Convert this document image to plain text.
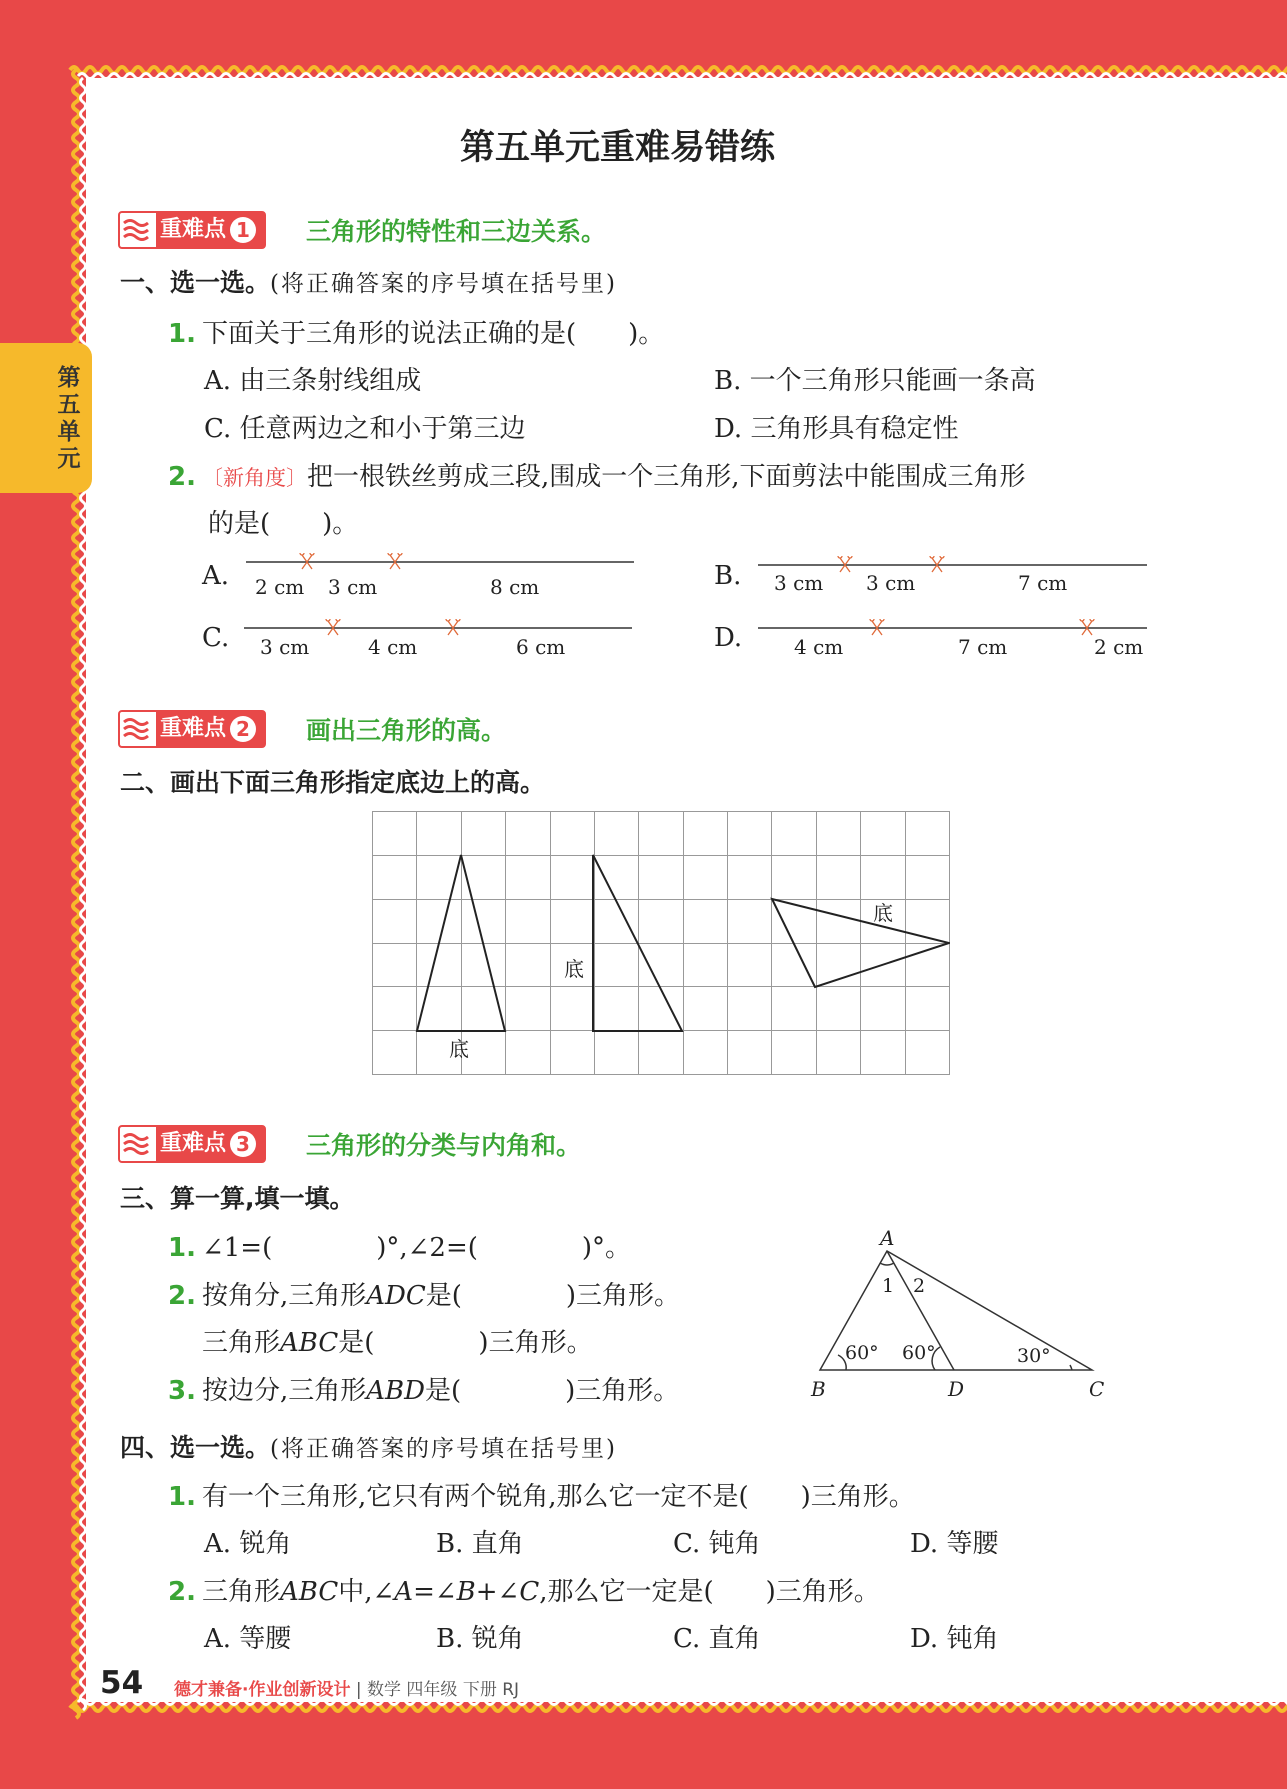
第五单元
第五单元重难易错练
重难点 1 三角形的特性和三边关系。
一、选一选。(将正确答案的序号填在括号里)
1. 下面关于三角形的说法正确的是(　　)。
A. 由三条射线组成	B. 一个三角形只能画一条高
C. 任意两边之和小于第三边	D. 三角形具有稳定性
2. 〔新角度〕把一根铁丝剪成三段,围成一个三角形,下面剪法中能围成三角形
的是(　　)。
A.	B.
C.	D.
2 cm 3 cm	8 cm	3 cm 3 cm	7 cm
3 cm	4 cm	6 cm	4 cm	7 cm	2 cm
重难点 2 画出三角形的高。
二、画出下面三角形指定底边上的高。
底
底
底
重难点 3 三角形的分类与内角和。
三、算一算,填一填。
1. ∠1=(　　　　)°,∠2=(　　　　)°。
2. 按角分,三角形ADC是(　　　　)三角形。
三角形ABC是(　　　　)三角形。
3. 按边分,三角形ABD是(　　　　)三角形。
A
B	C
D
1 2
60° 60°	30°
四、选一选。(将正确答案的序号填在括号里)
1. 有一个三角形,它只有两个锐角,那么它一定不是(　　)三角形。
A. 锐角	B. 直角	C. 钝角	D. 等腰
2. 三角形ABC中,∠A=∠B+∠C,那么它一定是(　　)三角形。
A. 等腰	B. 锐角	C. 直角	D. 钝角
54 德才兼备·作业创新设计 | 数学 四年级 下册 RJ
